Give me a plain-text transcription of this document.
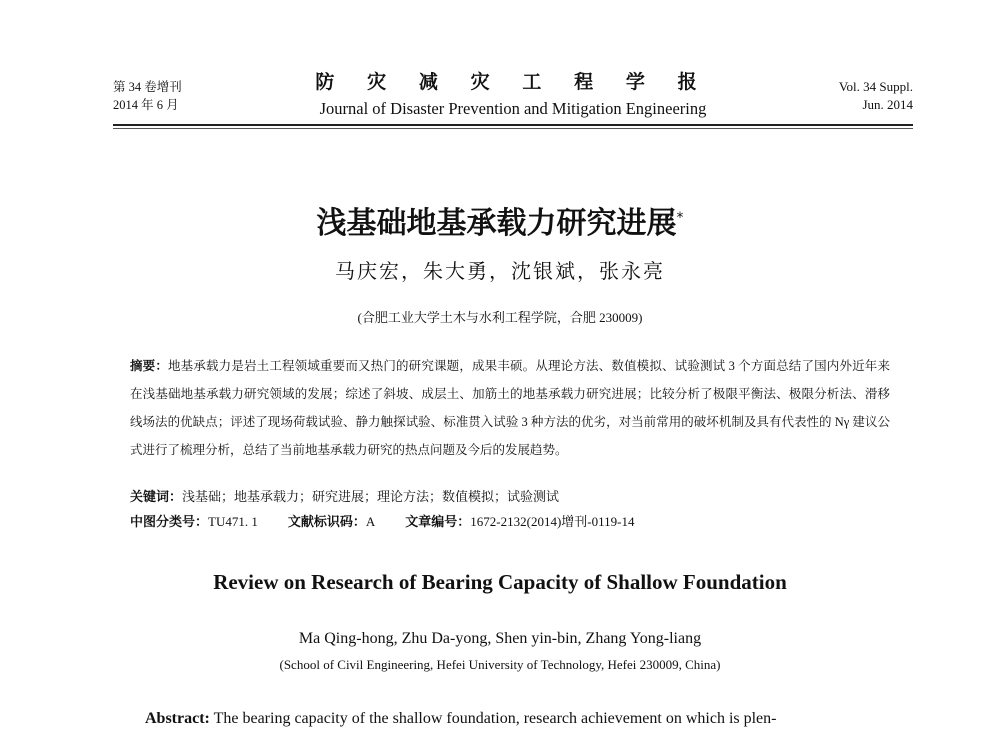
第 34 卷增刊
2014 年 6 月
防 灾 减 灾 工 程 学 报
Journal of Disaster Prevention and Mitigation Engineering
Vol. 34 Suppl.
Jun. 2014
浅基础地基承载力研究进展*
马庆宏，朱大勇，沈银斌，张永亮
(合肥工业大学土木与水利工程学院，合肥 230009)
摘要：地基承载力是岩土工程领域重要而又热门的研究课题，成果丰硕。从理论方法、数值模拟、试验测试 3 个方面总结了国内外近年来在浅基础地基承载力研究领域的发展；综述了斜坡、成层土、加筋土的地基承载力研究进展；比较分析了极限平衡法、极限分析法、滑移线场法的优缺点；评述了现场荷载试验、静力触探试验、标准贯入试验 3 种方法的优劣，对当前常用的破坏机制及具有代表性的 Nγ 建议公式进行了梳理分析，总结了当前地基承载力研究的热点问题及今后的发展趋势。
关键词：浅基础；地基承载力；研究进展；理论方法；数值模拟；试验测试
中图分类号：TU471. 1 文献标识码：A 文章编号：1672-2132(2014)增刊-0119-14
Review on Research of Bearing Capacity of Shallow Foundation
Ma Qing-hong, Zhu Da-yong, Shen yin-bin, Zhang Yong-liang
(School of Civil Engineering, Hefei University of Technology, Hefei 230009, China)
Abstract: The bearing capacity of the shallow foundation, research achievement on which is plen-
